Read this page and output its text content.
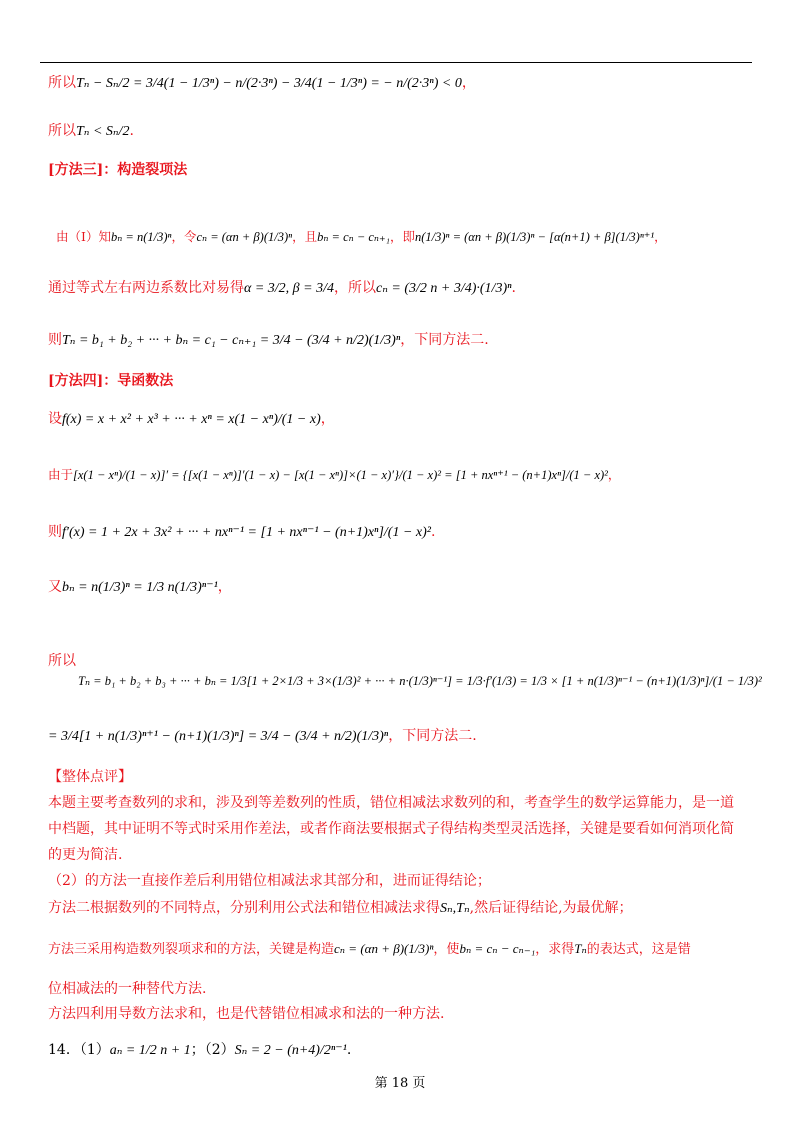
所以Tₙ − Sₙ/2 = 3/4(1 − 1/3ⁿ) − n/(2·3ⁿ) − 3/4(1 − 1/3ⁿ) = − n/(2·3ⁿ) < 0，
所以Tₙ < Sₙ/2.
[方法三]：构造裂项法
由（Ⅰ）知bₙ = n(1/3)ⁿ，令cₙ = (αn + β)(1/3)ⁿ，且bₙ = cₙ − cₙ₊₁，即n(1/3)ⁿ = (αn + β)(1/3)ⁿ − [α(n+1) + β](1/3)ⁿ⁺¹，
通过等式左右两边系数比对易得α = 3/2, β = 3/4，所以cₙ = (3/2 n + 3/4)·(1/3)ⁿ.
则Tₙ = b₁ + b₂ + ··· + bₙ = c₁ − cₙ₊₁ = 3/4 − (3/4 + n/2)(1/3)ⁿ，下同方法二.
[方法四]：导函数法
设f(x) = x + x² + x³ + ··· + xⁿ = x(1 − xⁿ)/(1 − x)，
由于[x(1 − xⁿ)/(1 − x)]′ = {[x(1 − xⁿ)]′(1 − x) − [x(1 − xⁿ)]×(1 − x)′}/(1 − x)² = [1 + nxⁿ⁺¹ − (n+1)xⁿ]/(1 − x)²，
则f′(x) = 1 + 2x + 3x² + ··· + nxⁿ⁻¹ = [1 + nxⁿ⁻¹ − (n+1)xⁿ]/(1 − x)².
又bₙ = n(1/3)ⁿ = 1/3 n(1/3)ⁿ⁻¹，
所以
Tₙ = b₁ + b₂ + b₃ + ··· + bₙ = 1/3[1 + 2×1/3 + 3×(1/3)² + ··· + n·(1/3)ⁿ⁻¹] = 1/3·f′(1/3) = 1/3 × [1 + n(1/3)ⁿ⁻¹ − (n+1)(1/3)ⁿ]/(1 − 1/3)²
= 3/4[1 + n(1/3)ⁿ⁺¹ − (n+1)(1/3)ⁿ] = 3/4 − (3/4 + n/2)(1/3)ⁿ，下同方法二.
【整体点评】
本题主要考查数列的求和，涉及到等差数列的性质，错位相减法求数列的和，考查学生的数学运算能力，是一道
中档题，其中证明不等式时采用作差法，或者作商法要根据式子得结构类型灵活选择，关键是要看如何消项化简
的更为简洁.
（2）的方法一直接作差后利用错位相减法求其部分和，进而证得结论；
方法二根据数列的不同特点，分别利用公式法和错位相减法求得Sₙ,Tₙ,然后证得结论,为最优解；
方法三采用构造数列裂项求和的方法，关键是构造cₙ = (αn + β)(1/3)ⁿ，使bₙ = cₙ − cₙ₋₁，求得Tₙ的表达式，这是错
位相减法的一种替代方法.
方法四利用导数方法求和，也是代替错位相减求和法的一种方法.
14．（1）aₙ = 1/2 n + 1；（2）Sₙ = 2 − (n+4)/2ⁿ⁻¹.
第 18 页
